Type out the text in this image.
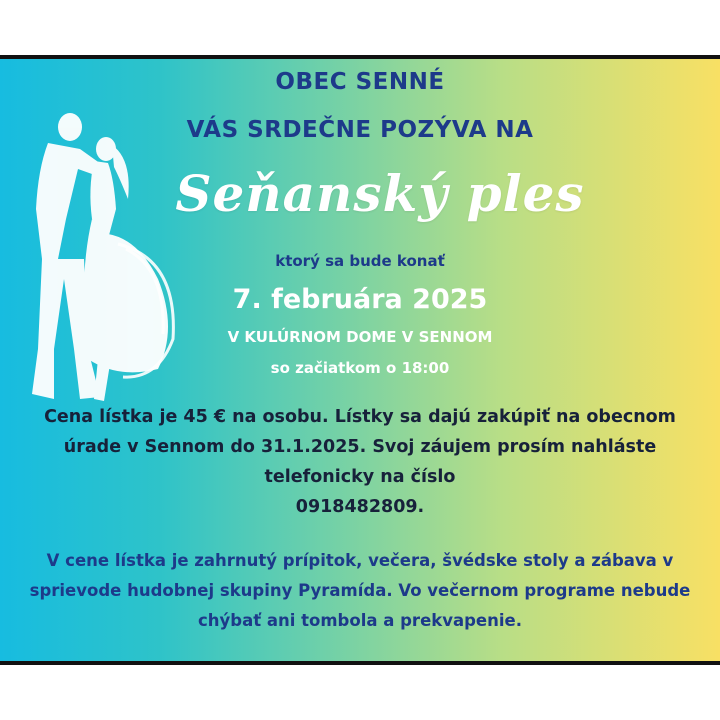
OBEC SENNÉ
VÁS SRDEČNE POZÝVA NA
Seňanský ples
ktorý sa bude konať
7. februára 2025
V KULÚRNOM DOME V SENNOM
so začiatkom o 18:00
Cena lístka je 45 € na osobu. Lístky sa dajú zakúpiť na obecnom
úrade v Sennom do 31.1.2025. Svoj záujem prosím nahláste
telefonicky na číslo
0918482809.
V cene lístka je zahrnutý prípitok, večera, švédske stoly a zábava v
sprievode hudobnej skupiny Pyramída. Vo večernom programe nebude
chýbať ani tombola a prekvapenie.
